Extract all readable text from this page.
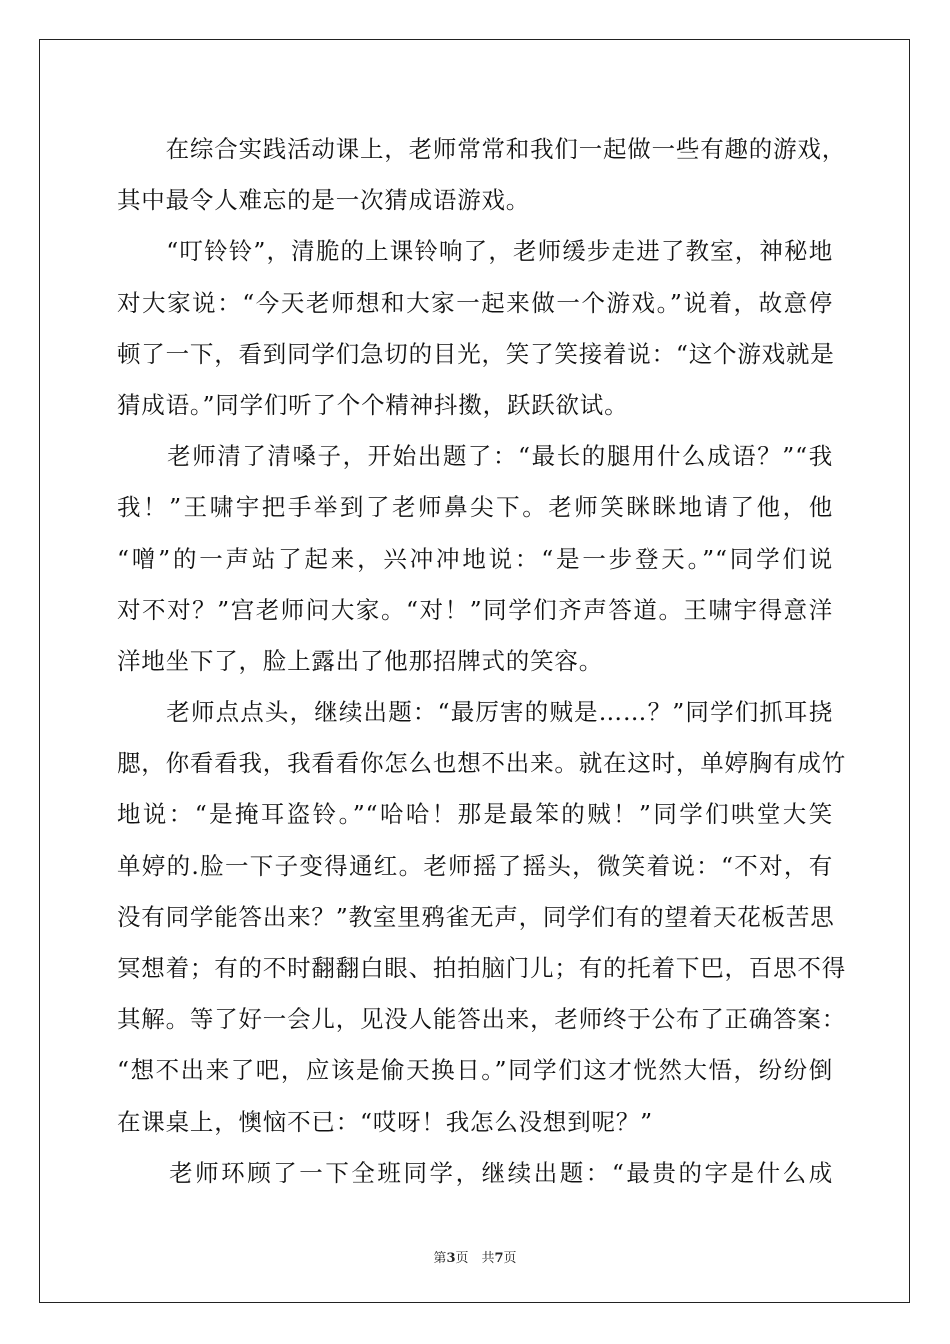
　　在综合实践活动课上，老师常常和我们一起做一些有趣的游戏，
其中最令人难忘的是一次猜成语游戏。
　　“叮铃铃”，清脆的上课铃响了，老师缓步走进了教室，神秘地
对大家说：“今天老师想和大家一起来做一个游戏。”说着，故意停
顿了一下，看到同学们急切的目光，笑了笑接着说：“这个游戏就是
猜成语。”同学们听了个个精神抖擞，跃跃欲试。
　　老师清了清嗓子，开始出题了：“最长的腿用什么成语？”“我
我！”王啸宇把手举到了老师鼻尖下。老师笑眯眯地请了他，他
“噌”的一声站了起来，兴冲冲地说：“是一步登天。”“同学们说
对不对？”宫老师问大家。“对！”同学们齐声答道。王啸宇得意洋
洋地坐下了，脸上露出了他那招牌式的笑容。
　　老师点点头，继续出题：“最厉害的贼是……？”同学们抓耳挠
腮，你看看我，我看看你怎么也想不出来。就在这时，单婷胸有成竹
地说：“是掩耳盗铃。”“哈哈！那是最笨的贼！”同学们哄堂大笑
单婷的.脸一下子变得通红。老师摇了摇头，微笑着说：“不对，有
没有同学能答出来？”教室里鸦雀无声，同学们有的望着天花板苦思
冥想着；有的不时翻翻白眼、拍拍脑门儿；有的托着下巴，百思不得
其解。等了好一会儿，见没人能答出来，老师终于公布了正确答案：
“想不出来了吧，应该是偷天换日。”同学们这才恍然大悟，纷纷倒
在课桌上，懊恼不已：“哎呀！我怎么没想到呢？”
　　老师环顾了一下全班同学，继续出题：“最贵的字是什么成
第3页　共7页
